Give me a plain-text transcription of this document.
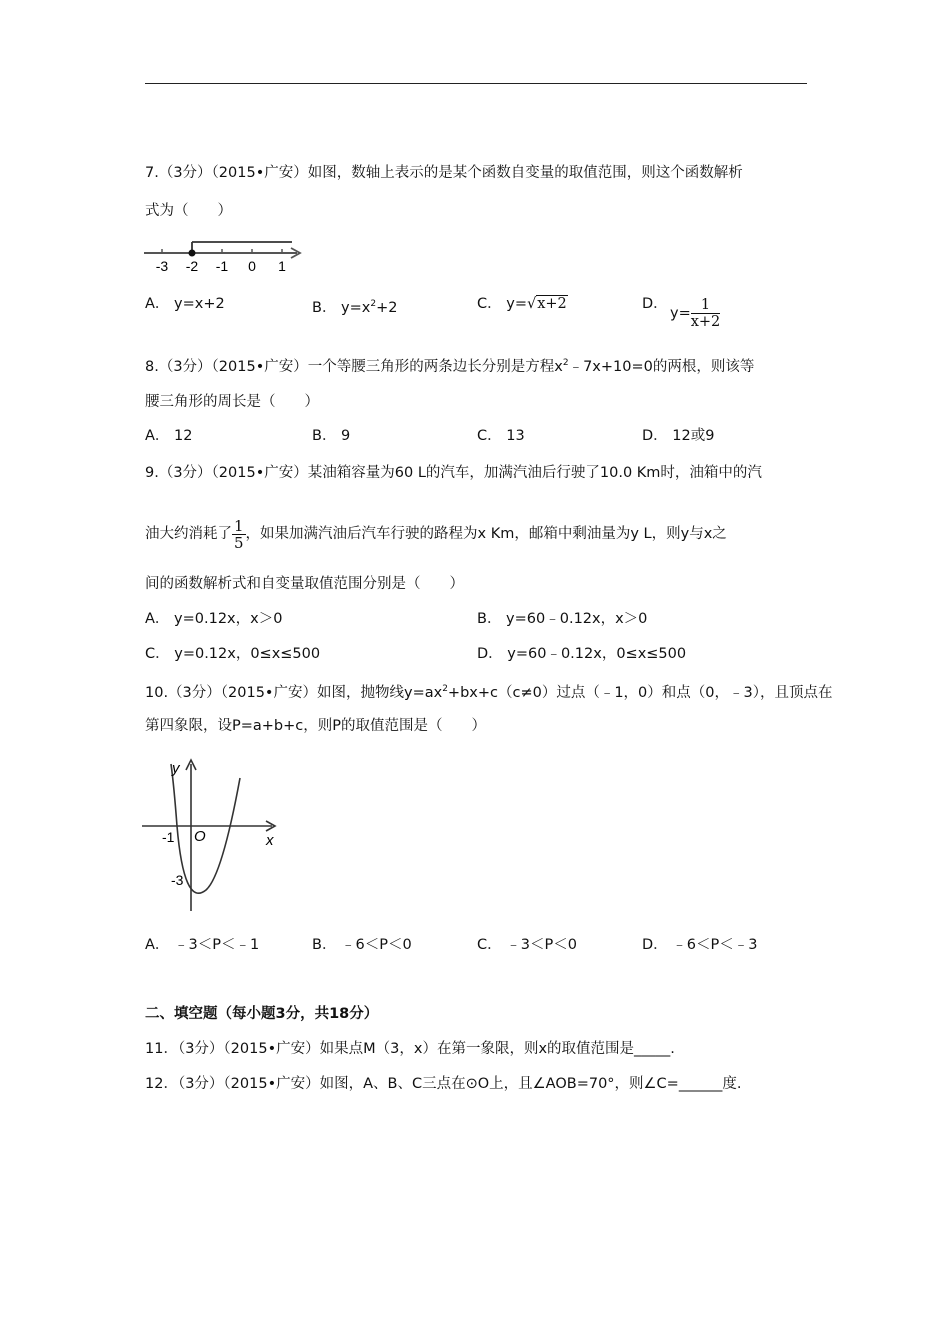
7.（3分）（2015•广安）如图，数轴上表示的是某个函数自变量的取值范围，则这个函数解析
式为（　　）
-3 -2 -1 0 1
A． y=x+2	B． $y=x^2+2$	C． y=√x+2	D．
$y= \frac{1}{x+2}$
8.（3分）（2015•广安）一个等腰三角形的两条边长分别是方程$x^2﹣7x+10=0$的两根，则该等
腰三角形的周长是（　　）
A． 12	B． 9	C． 13	D． 12或9
9.（3分）（2015•广安）某油箱容量为60 L的汽车，加满汽油后行驶了10.0 Km时，油箱中的汽
油大约消耗了 $\frac{1}{5}$ ，如果加满汽油后汽车行驶的路程为x Km，邮箱中剩油量为y L，则y与x之
间的函数解析式和自变量取值范围分别是（　　）
A． y=0.12x，x＞0	B． y=60﹣0.12x，x＞0
C． y=0.12x，0≤x≤500	D． y=60﹣0.12x，0≤x≤500
10.（3分）（2015•广安）如图，抛物线$y=ax^2+bx+c(c\ne 0)$过点（﹣1，0）和点（0，﹣3），且顶点在
第四象限，设P=a+b+c，则P的取值范围是（　　）
y
x
O
-1
-3
A． ﹣3＜P＜﹣1	B． ﹣6＜P＜0	C． ﹣3＜P＜0	D． ﹣6＜P＜﹣3
二、填空题（每小题3分，共18分）
11．（3分）（2015•广安）如果点M（3，x）在第一象限，则x的取值范围是_____.
12．（3分）（2015•广安）如图，A、B、C三点在⊙O上，且∠AOB=70°，则∠C=______度.
